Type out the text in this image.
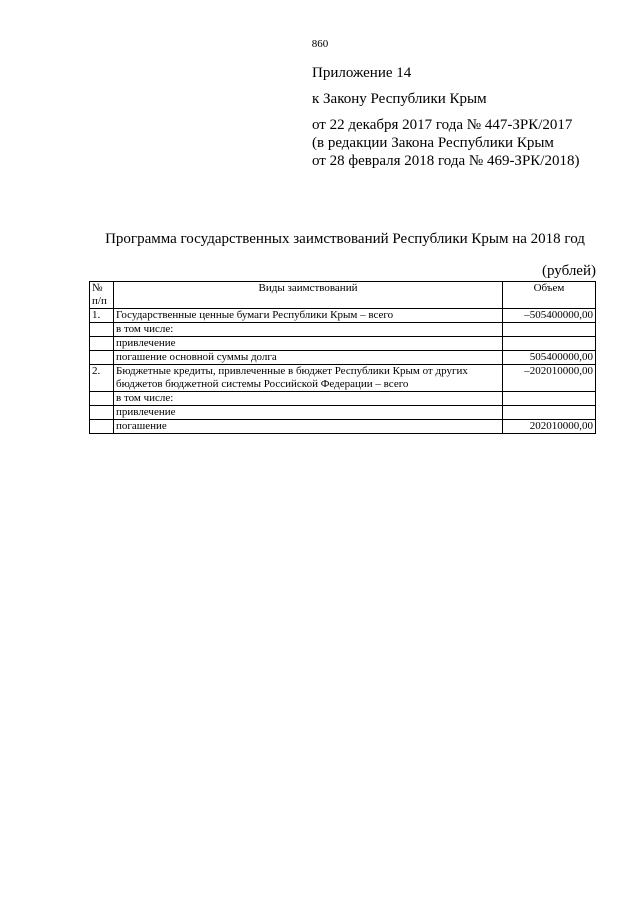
860
Приложение 14
к Закону Республики Крым
от 22 декабря 2017 года № 447-ЗРК/2017
(в редакции Закона Республики Крым
от 28 февраля 2018 года № 469-ЗРК/2018)
Программа государственных заимствований Республики Крым на 2018 год
(рублей)
№ п/п	Виды заимствований	Объем
1.	Государственные ценные бумаги Республики Крым – всего	–505400000,00
	в том числе:	
	привлечение	
	погашение основной суммы долга	505400000,00
2.	Бюджетные кредиты, привлеченные в бюджет Республики Крым от других бюджетов бюджетной системы Российской Федерации – всего	–202010000,00
	в том числе:	
	привлечение	
	погашение	202010000,00
